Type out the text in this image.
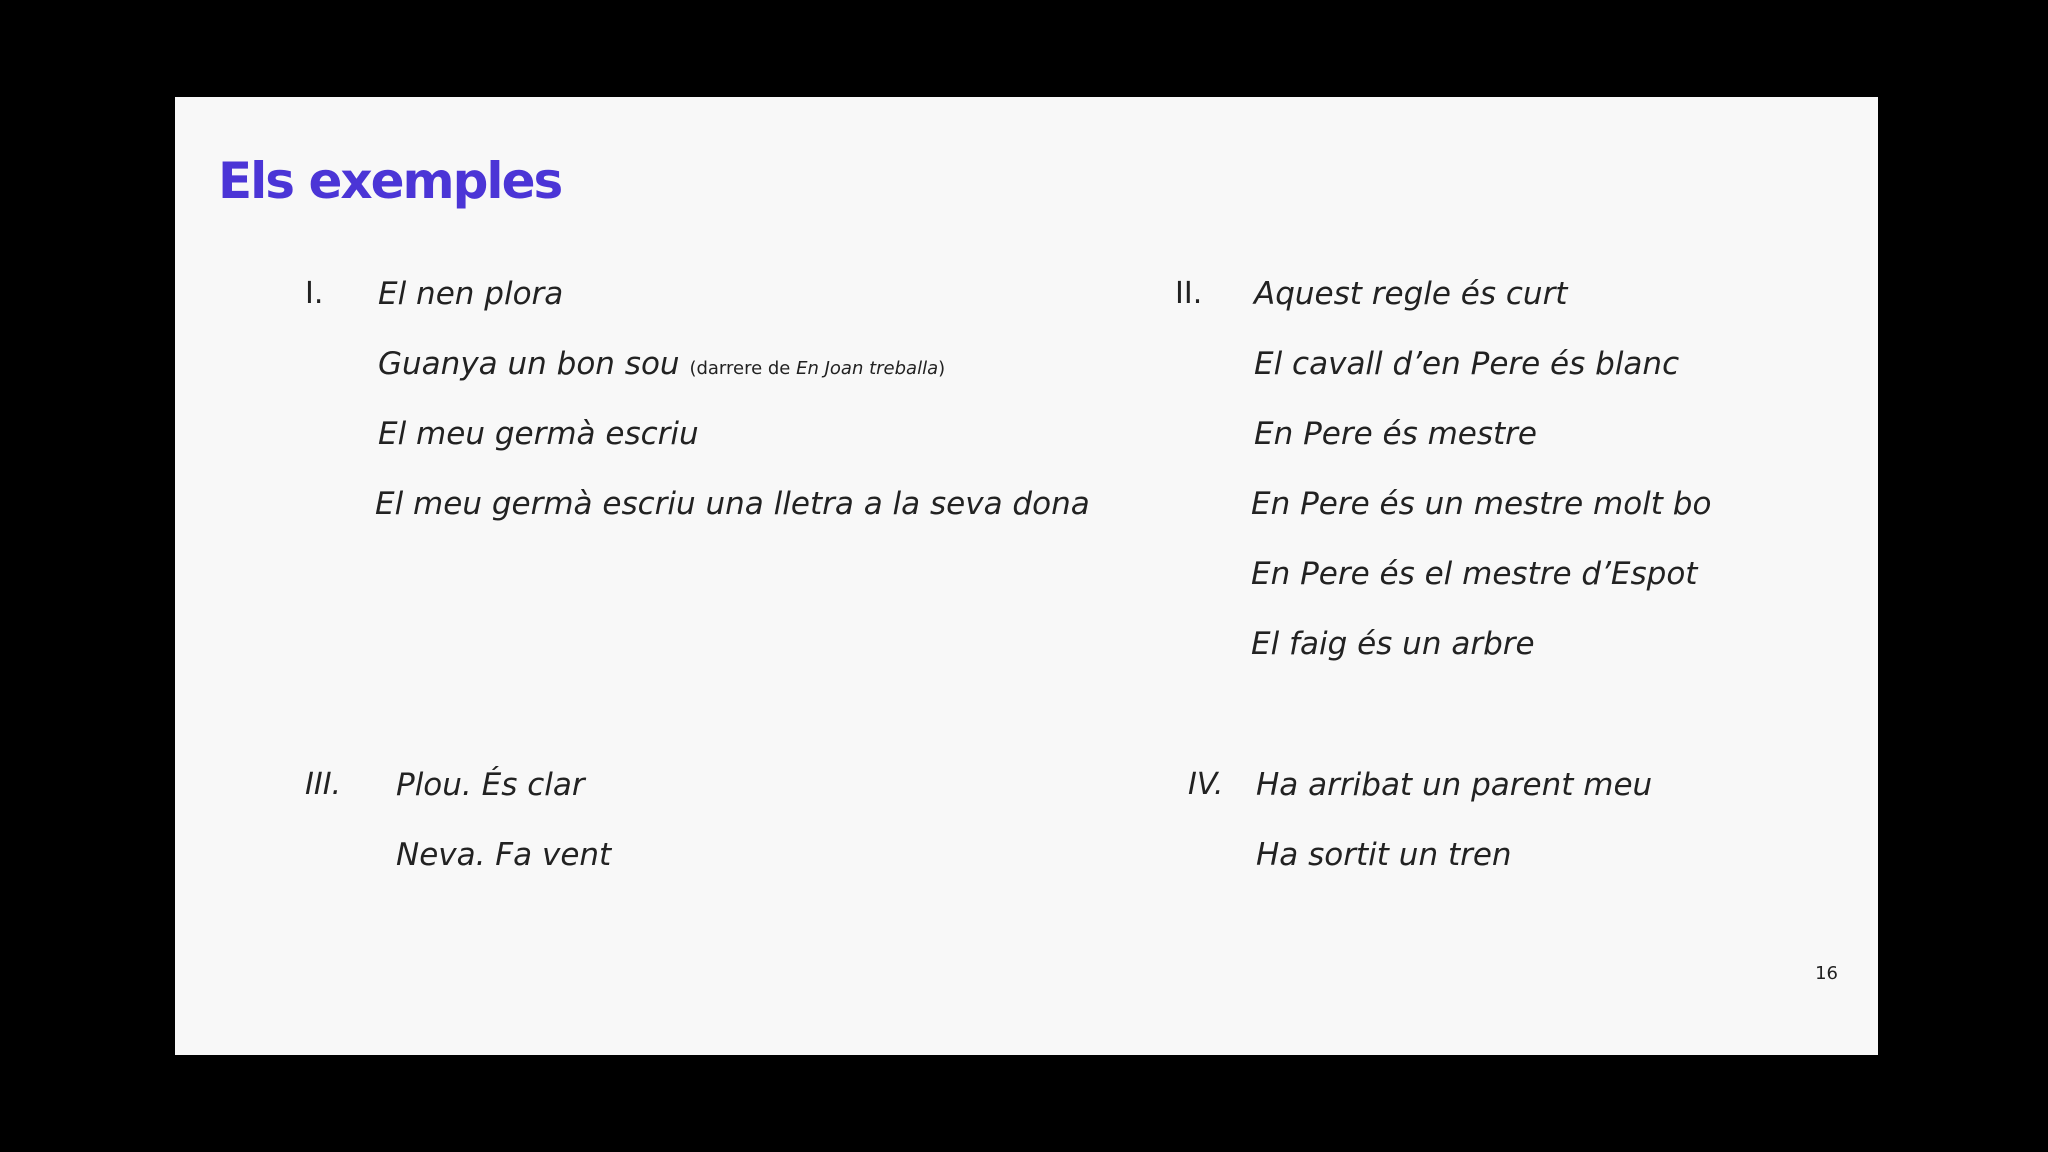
Els exemples
I. El nen plora
Guanya un bon sou (darrere de En Joan treballa)
El meu germà escriu
El meu germà escriu una lletra a la seva dona
II. Aquest regle és curt
El cavall d’en Pere és blanc
En Pere és mestre
En Pere és un mestre molt bo
En Pere és el mestre d’Espot
El faig és un arbre
III. Plou. És clar
Neva. Fa vent
IV. Ha arribat un parent meu
Ha sortit un tren
16
